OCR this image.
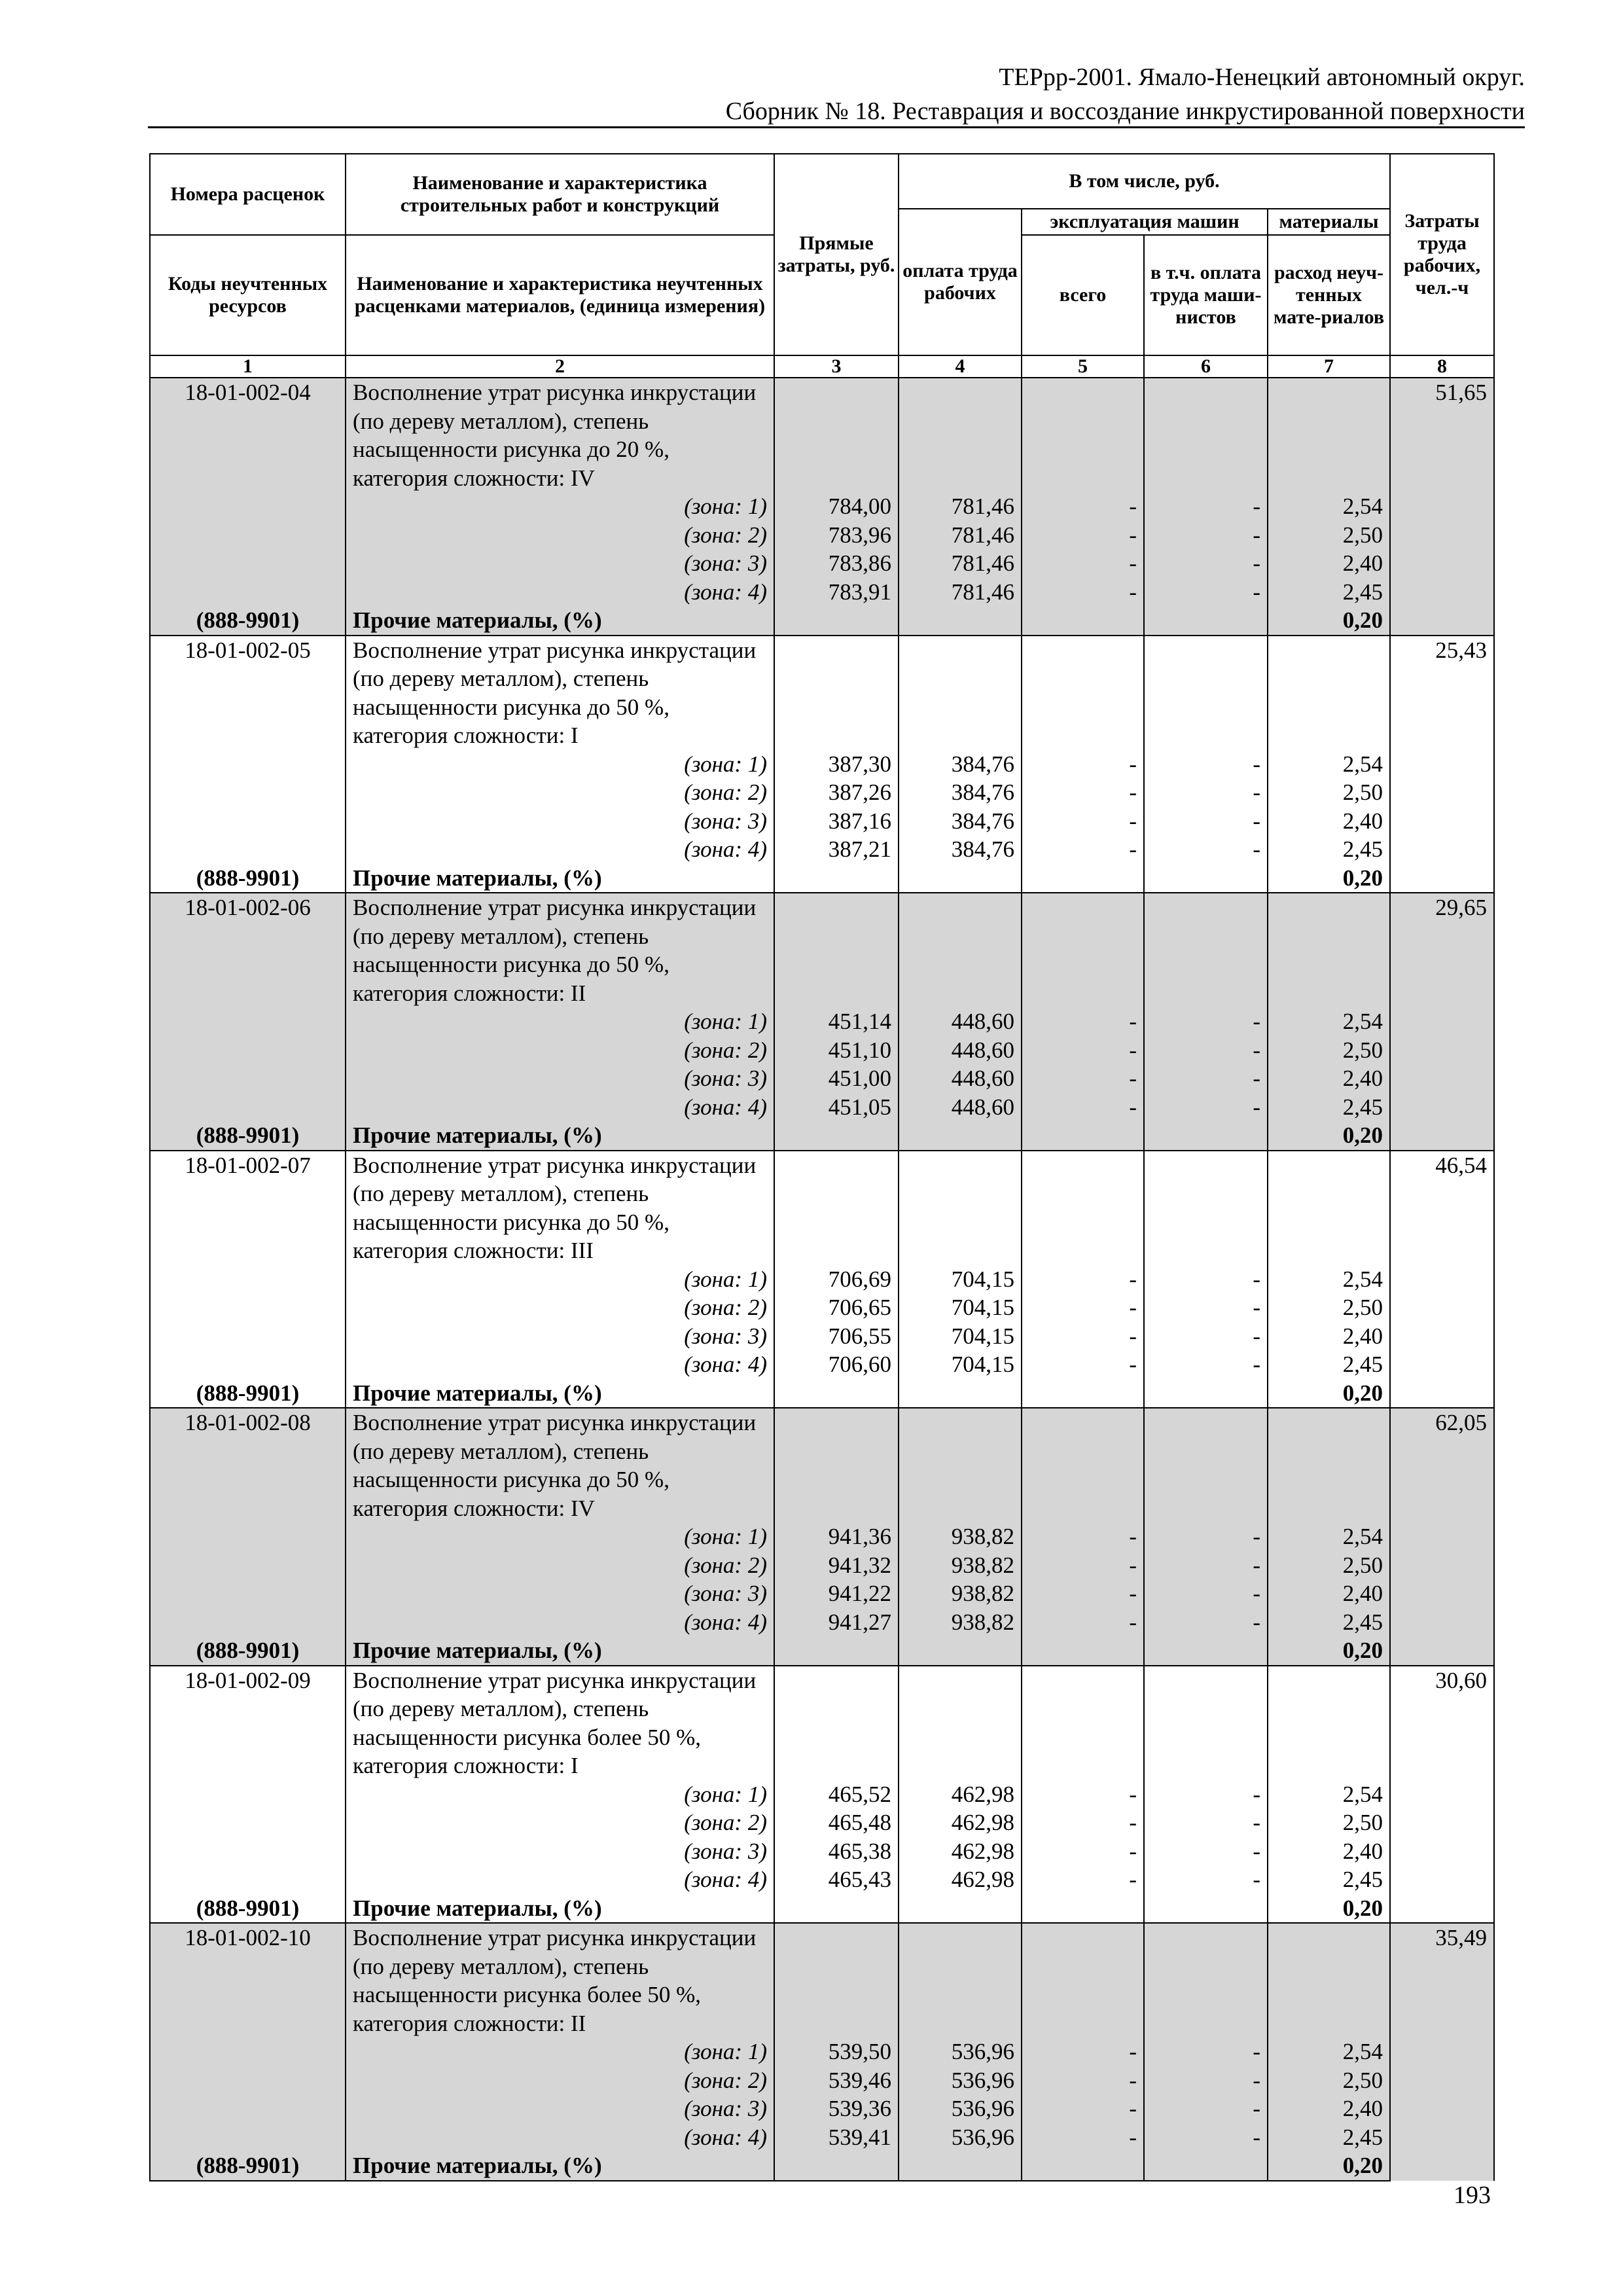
ТЕРрр-2001. Ямало-Ненецкий автономный округ.
Сборник № 18. Реставрация и воссоздание инкрустированной поверхности
Номера расценок	Наименование и характеристика строительных работ и конструкций	Прямые затраты, руб.	В том числе, руб.				Затраты труда рабочих, чел.-ч
			оплата труда рабочих	эксплуатация машин		материалы	
Коды неучтенных ресурсов	Наименование и характеристика неучтенных расценками материалов, (единица измерения)			всего	в т.ч. оплата труда маши-нистов	расход неуч-тенных мате-риалов	
1	2	3	4	5	6	7	8
18-01-002-04	Восполнение утрат рисунка инкрустации (по дереву металлом), степень насыщенности рисунка до 20 %, категория сложности: IV						51,65
	(зона: 1)	784,00	781,46	-	-	2,54	
	(зона: 2)	783,96	781,46	-	-	2,50	
	(зона: 3)	783,86	781,46	-	-	2,40	
	(зона: 4)	783,91	781,46	-	-	2,45	
(888-9901)	Прочие материалы, (%)					0,20	
18-01-002-05	Восполнение утрат рисунка инкрустации (по дереву металлом), степень насыщенности рисунка до 50 %, категория сложности: I						25,43
	(зона: 1)	387,30	384,76	-	-	2,54	
	(зона: 2)	387,26	384,76	-	-	2,50	
	(зона: 3)	387,16	384,76	-	-	2,40	
	(зона: 4)	387,21	384,76	-	-	2,45	
(888-9901)	Прочие материалы, (%)					0,20	
18-01-002-06	Восполнение утрат рисунка инкрустации (по дереву металлом), степень насыщенности рисунка до 50 %, категория сложности: II						29,65
	(зона: 1)	451,14	448,60	-	-	2,54	
	(зона: 2)	451,10	448,60	-	-	2,50	
	(зона: 3)	451,00	448,60	-	-	2,40	
	(зона: 4)	451,05	448,60	-	-	2,45	
(888-9901)	Прочие материалы, (%)					0,20	
18-01-002-07	Восполнение утрат рисунка инкрустации (по дереву металлом), степень насыщенности рисунка до 50 %, категория сложности: III						46,54
	(зона: 1)	706,69	704,15	-	-	2,54	
	(зона: 2)	706,65	704,15	-	-	2,50	
	(зона: 3)	706,55	704,15	-	-	2,40	
	(зона: 4)	706,60	704,15	-	-	2,45	
(888-9901)	Прочие материалы, (%)					0,20	
18-01-002-08	Восполнение утрат рисунка инкрустации (по дереву металлом), степень насыщенности рисунка до 50 %, категория сложности: IV						62,05
	(зона: 1)	941,36	938,82	-	-	2,54	
	(зона: 2)	941,32	938,82	-	-	2,50	
	(зона: 3)	941,22	938,82	-	-	2,40	
	(зона: 4)	941,27	938,82	-	-	2,45	
(888-9901)	Прочие материалы, (%)					0,20	
18-01-002-09	Восполнение утрат рисунка инкрустации (по дереву металлом), степень насыщенности рисунка более 50 %, категория сложности: I						30,60
	(зона: 1)	465,52	462,98	-	-	2,54	
	(зона: 2)	465,48	462,98	-	-	2,50	
	(зона: 3)	465,38	462,98	-	-	2,40	
	(зона: 4)	465,43	462,98	-	-	2,45	
(888-9901)	Прочие материалы, (%)					0,20	
18-01-002-10	Восполнение утрат рисунка инкрустации (по дереву металлом), степень насыщенности рисунка более 50 %, категория сложности: II						35,49
	(зона: 1)	539,50	536,96	-	-	2,54	
	(зона: 2)	539,46	536,96	-	-	2,50	
	(зона: 3)	539,36	536,96	-	-	2,40	
	(зона: 4)	539,41	536,96	-	-	2,45	
(888-9901)	Прочие материалы, (%)					0,20	
193
